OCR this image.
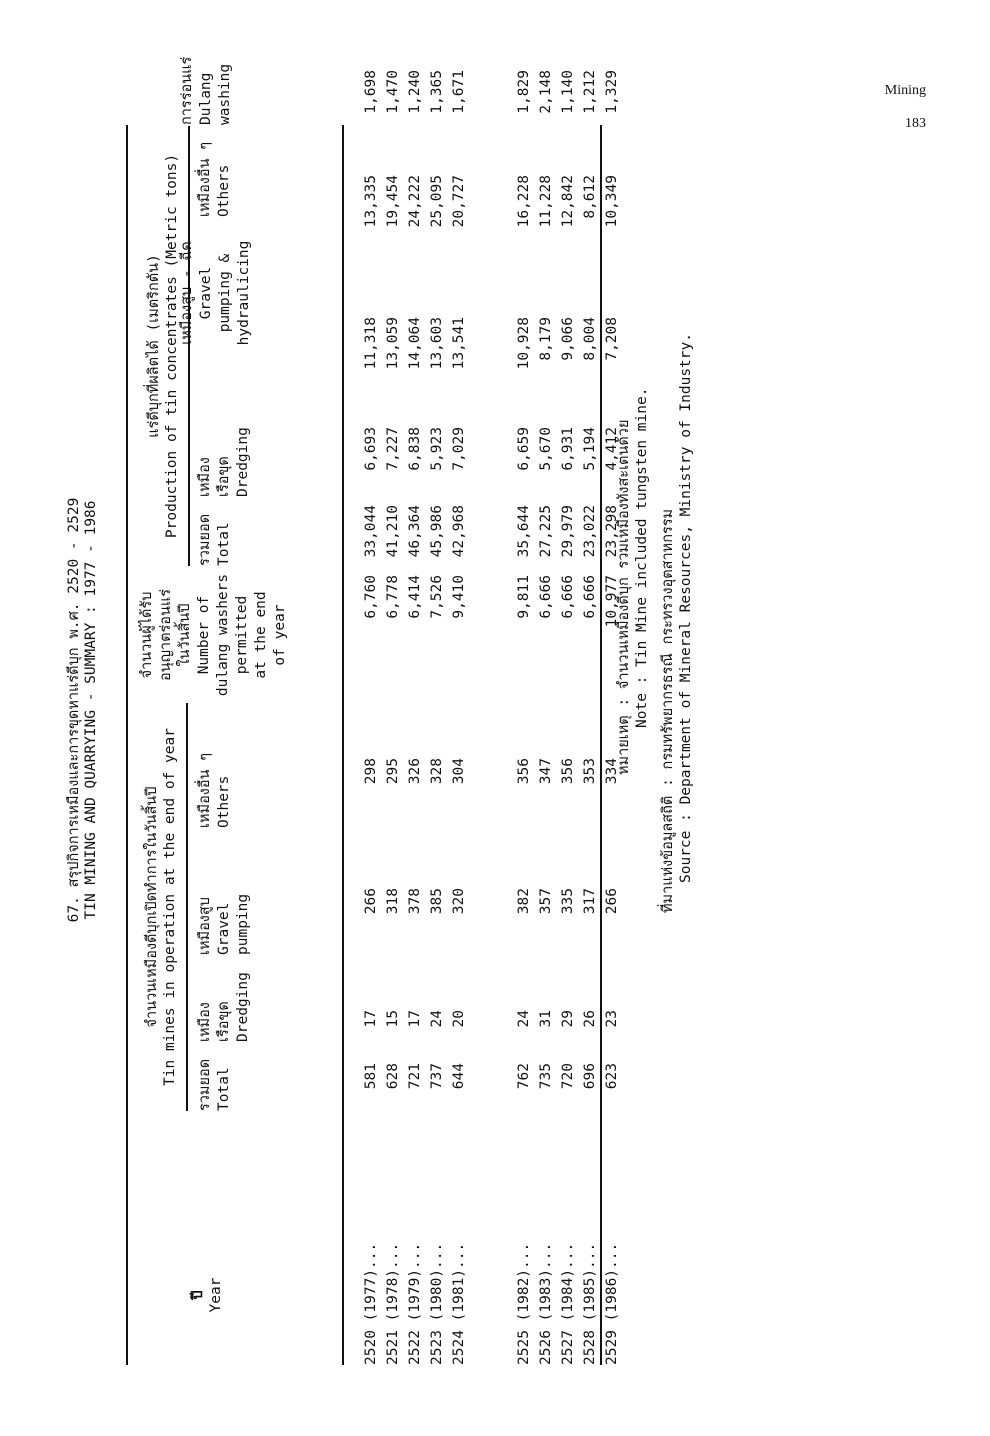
Mining
183
67. สรุปกิจการเหมืองและการขุดหาแร่ดีบุก พ.ศ. 2520 - 2529 TIN MINING AND QUARRYING - SUMMARY : 1977 - 1986
ปี Year
จำนวนเหมืองดีบุกเปิดทำการในวันสิ้นปี Tin mines in operation at the end of year
แร่ดีบุกที่ผลิตได้ (เมตริกตัน) Production of tin concentrates (Metric tons)
รวมยอด Total
เหมือง เรือขุด Dredging
เหมืองสูบ Gravel pumping
เหมืองอื่น ๆ Others
จำนวนผู้ได้รับ อนุญาตร่อนแร่ ในวันสิ้นปี Number of dulang washers permitted at the end of year
รวมยอด Total
เหมือง เรือขุด Dredging
เหมืองสูบ - ฉีด Gravel pumping & hydraulicing
เหมืองอื่น ๆ Others
การร่อนแร่ Dulang washing
2520 (1977)...
581
17
266
298
6,760
33,044
6,693
11,318
13,335
1,698
2521 (1978)...
628
15
318
295
6,778
41,210
7,227
13,059
19,454
1,470
2522 (1979)...
721
17
378
326
6,414
46,364
6,838
14,064
24,222
1,240
2523 (1980)...
737
24
385
328
7,526
45,986
5,923
13,603
25,095
1,365
2524 (1981)...
644
20
320
304
9,410
42,968
7,029
13,541
20,727
1,671
2525 (1982)...
762
24
382
356
9,811
35,644
6,659
10,928
16,228
1,829
2526 (1983)...
735
31
357
347
6,666
27,225
5,670
8,179
11,228
2,148
2527 (1984)...
720
29
335
356
6,666
29,979
6,931
9,066
12,842
1,140
2528 (1985)...
696
26
317
353
6,666
23,022
5,194
8,004
8,612
1,212
2529 (1986)...
623
23
266
334
10,977
23,298
4,412
7,208
10,349
1,329
หมายเหตุ : จำนวนเหมืองดีบุก รวมเหมืองทังสะเตนด้วย Note : Tin Mine included tungsten mine. ที่มาแห่งข้อมูลสถิติ : กรมทรัพยากรธรณี กระทรวงอุตสาหกรรม Source : Department of Mineral Resources, Ministry of Industry.
